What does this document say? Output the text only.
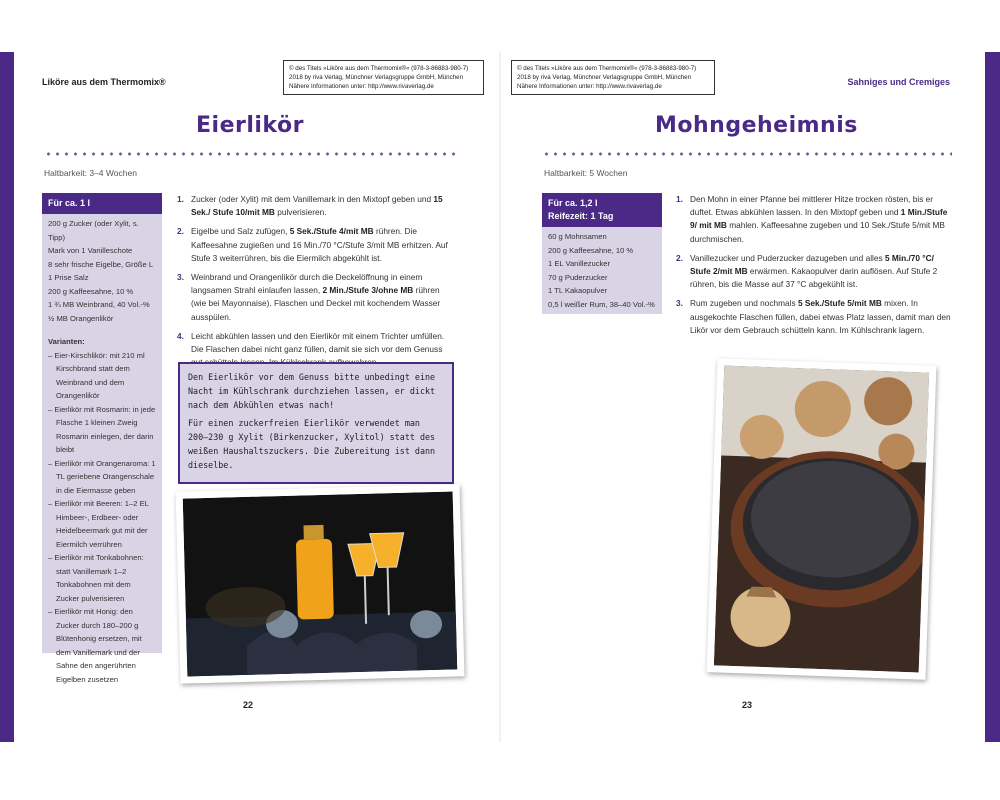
Liköre aus dem Thermomix®
© des Titels »Liköre aus dem Thermomix®« (978-3-86883-980-7)
2018 by riva Verlag, Münchner Verlagsgruppe GmbH, München
Nähere Informationen unter: http://www.rivaverlag.de
Eierlikör
Haltbarkeit: 3–4 Wochen
Für ca. 1 l
200 g Zucker (oder Xylit, s. Tipp)
Mark von 1 Vanilleschote
8 sehr frische Eigelbe, Größe L
1 Prise Salz
200 g Kaffeesahne, 10 %
1 ¾ MB Weinbrand, 40 Vol.-%
½ MB Orangenlikör
Varianten:
– Eier-Kirschlikör: mit 210 ml Kirschbrand statt dem Weinbrand und dem Orangenlikör
– Eierlikör mit Rosmarin: in jede Flasche 1 kleinen Zweig Rosmarin einlegen, der darin bleibt
– Eierlikör mit Orangenaroma: 1 TL geriebene Orangenschale in die Eiermasse geben
– Eierlikör mit Beeren: 1–2 EL Himbeer-, Erdbeer- oder Heidelbeermark gut mit der Eiermilch verrühren
– Eierlikör mit Tonkabohnen: statt Vanillemark 1–2 Tonkabohnen mit dem Zucker pulverisieren
– Eierlikör mit Honig: den Zucker durch 180–200 g Blütenhonig ersetzen, mit dem Vanillemark und der Sahne den angerührten Eigelben zusetzen
1. Zucker (oder Xylit) mit dem Vanillemark in den Mixtopf geben und 15 Sek./ Stufe 10/mit MB pulverisieren.
2. Eigelbe und Salz zufügen, 5 Sek./Stufe 4/mit MB rühren. Die Kaffeesahne zugießen und 16 Min./70 °C/Stufe 3/mit MB erhitzen. Auf Stufe 3 weiterrühren, bis die Eiermilch abgekühlt ist.
3. Weinbrand und Orangenlikör durch die Deckelöffnung in einem langsamen Strahl einlaufen lassen, 2 Min./Stufe 3/ohne MB rühren (wie bei Mayonnaise). Flaschen und Deckel mit kochendem Wasser ausspülen.
4. Leicht abkühlen lassen und den Eierlikör mit einem Trichter umfüllen. Die Flaschen dabei nicht ganz füllen, damit sie sich vor dem Genuss

Den Eierlikör vor dem Genuss bitte unbedingt eine Nacht im Kühlschrank durchziehen lassen, er dickt nach dem Abkühlen etwas nach!

Für einen zuckerfreien Eierlikör verwendet man 200–230 g Xylit (Birkenzucker, Xylitol) statt des weißen Haushaltszuckers. Die Zubereitung ist dann dieselbe.

22
Sahniges und Cremiges
© des Titels »Liköre aus dem Thermomix®« (978-3-86883-980-7)
2018 by riva Verlag, Münchner Verlagsgruppe GmbH, München
Nähere Informationen unter: http://www.rivaverlag.de
Mohngeheimnis
Haltbarkeit: 5 Wochen
Für ca. 1,2 l
Reifezeit: 1 Tag
60 g Mohnsamen
200 g Kaffeesahne, 10 %
1 EL Vanillezucker
70 g Puderzucker
1 TL Kakaopulver
0,5 l weißer Rum, 38–40 Vol.-%
1. Den Mohn in einer Pfanne bei mittlerer Hitze trocken rösten, bis er duftet. Etwas abkühlen lassen. In den Mixtopf geben und 1 Min./Stufe 9/ mit MB mahlen. Kaffeesahne zugeben und 10 Sek./Stufe 5/mit MB durchmischen.
2. Vanillezucker und Puderzucker dazugeben und alles 5 Min./70 °C/ Stufe 2/mit MB erwärmen. Kakaopulver darin auflösen. Auf Stufe 2 rühren, bis die Masse auf 37 °C abgekühlt ist.
3. Rum zugeben und nochmals 5 Sek./Stufe 5/mit MB mixen. In ausgekochte Flaschen füllen, dabei etwas Platz lassen, damit man den Likör vor dem Gebrauch schütteln kann. Im Kühlschrank lagern.
23
